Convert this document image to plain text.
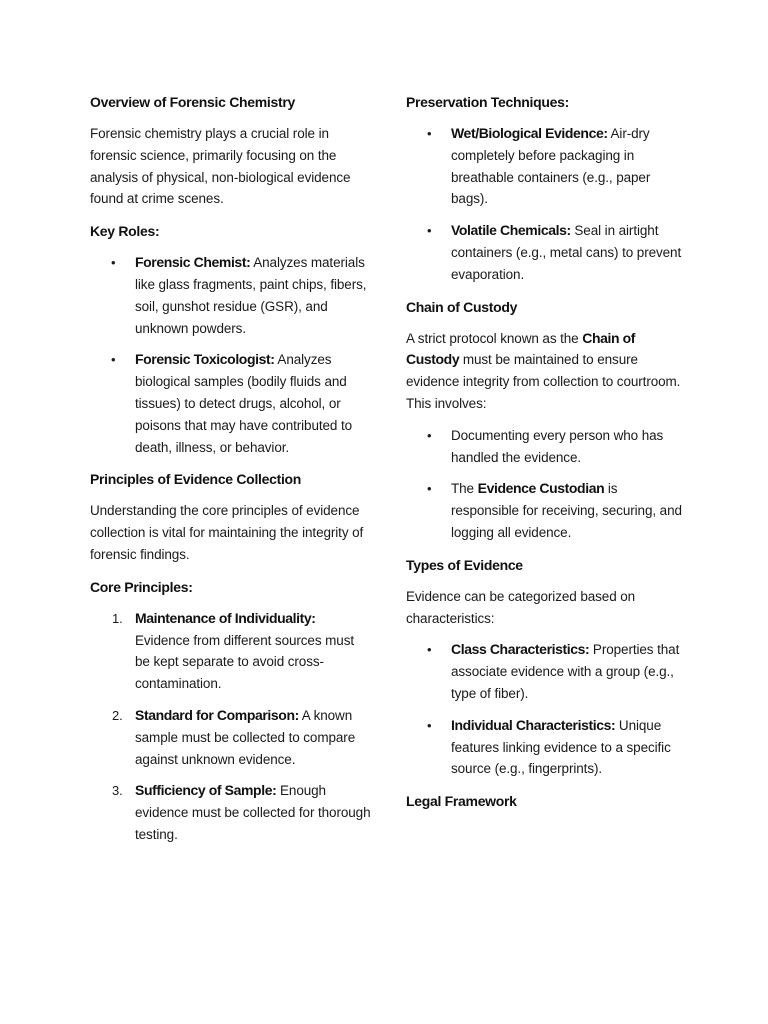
Overview of Forensic Chemistry
Forensic chemistry plays a crucial role in forensic science, primarily focusing on the analysis of physical, non-biological evidence found at crime scenes.
Key Roles:
•	Forensic Chemist: Analyzes materials like glass fragments, paint chips, fibers, soil, gunshot residue (GSR), and unknown powders.
•	Forensic Toxicologist: Analyzes biological samples (bodily fluids and tissues) to detect drugs, alcohol, or poisons that may have contributed to death, illness, or behavior.
Principles of Evidence Collection
Understanding the core principles of evidence collection is vital for maintaining the integrity of forensic findings.
Core Principles:
1. Maintenance of Individuality: Evidence from different sources must be kept separate to avoid cross-contamination.
2. Standard for Comparison: A known sample must be collected to compare against unknown evidence.
3. Sufficiency of Sample: Enough evidence must be collected for thorough testing.
Preservation Techniques:
•	Wet/Biological Evidence: Air-dry completely before packaging in breathable containers (e.g., paper bags).
•	Volatile Chemicals: Seal in airtight containers (e.g., metal cans) to prevent evaporation.
Chain of Custody
A strict protocol known as the Chain of Custody must be maintained to ensure evidence integrity from collection to courtroom. This involves:
•	Documenting every person who has handled the evidence.
•	The Evidence Custodian is responsible for receiving, securing, and logging all evidence.
Types of Evidence
Evidence can be categorized based on characteristics:
•	Class Characteristics: Properties that associate evidence with a group (e.g., type of fiber).
•	Individual Characteristics: Unique features linking evidence to a specific source (e.g., fingerprints).
Legal Framework
